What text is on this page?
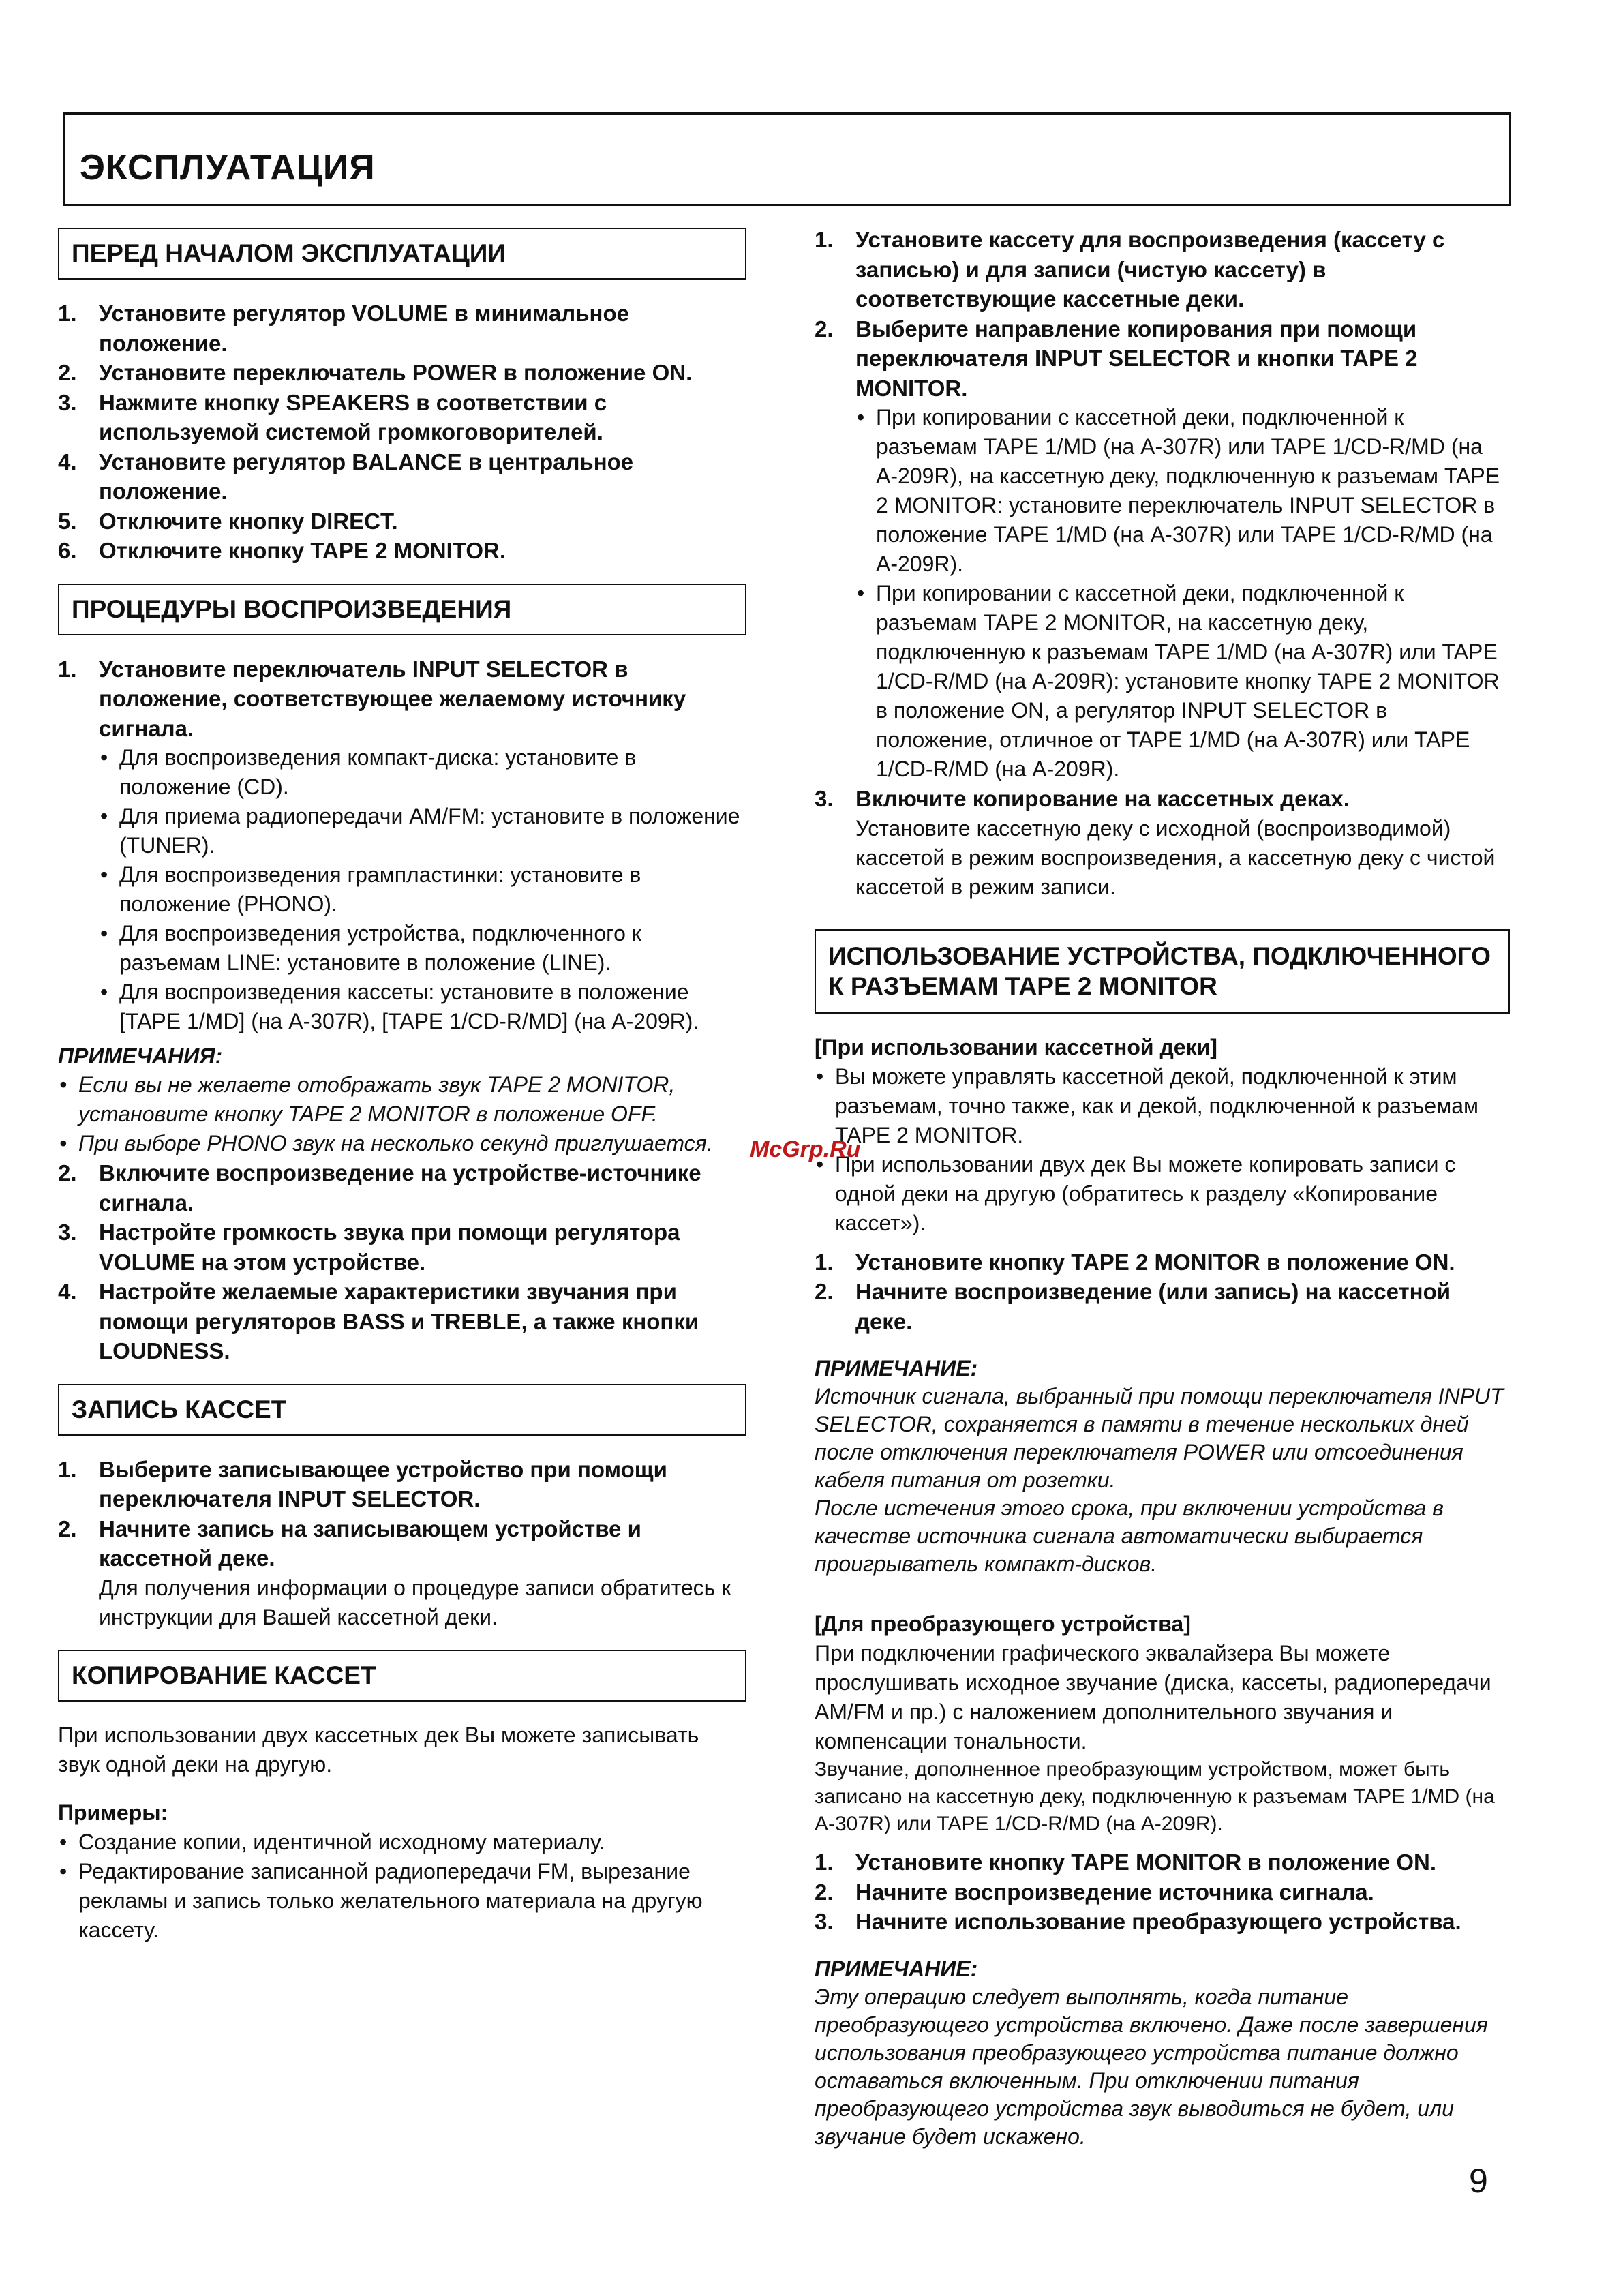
ЭКСПЛУАТАЦИЯ
ПЕРЕД НАЧАЛОМ ЭКСПЛУАТАЦИИ
1. Установите регулятор VOLUME в минимальное положение.
2. Установите переключатель POWER в положение ON.
3. Нажмите кнопку SPEAKERS в соответствии с используемой системой громкоговорителей.
4. Установите регулятор BALANCE в центральное положение.
5. Отключите кнопку DIRECT.
6. Отключите кнопку TAPE 2 MONITOR.
ПРОЦЕДУРЫ ВОСПРОИЗВЕДЕНИЯ
1. Установите переключатель INPUT SELECTOR в положение, соответствующее желаемому источнику сигнала.
• Для воспроизведения компакт-диска: установите в положение (CD).
• Для приема радиопередачи AM/FM: установите в положение (TUNER).
• Для воспроизведения грампластинки: установите в положение (PHONO).
• Для воспроизведения устройства, подключенного к разъемам LINE: установите в положение (LINE).
• Для воспроизведения кассеты: установите в положение [TAPE 1/MD] (на А-307R), [TAPE 1/CD-R/MD] (на А-209R).
ПРИМЕЧАНИЯ:
• Если вы не желаете отображать звук TAPE 2 MONITOR, установите кнопку TAPE 2 MONITOR в положение OFF.
• При выборе PHONO звук на несколько секунд приглушается.
2. Включите воспроизведение на устройстве-источнике сигнала.
3. Настройте громкость звука при помощи регулятора VOLUME на этом устройстве.
4. Настройте желаемые характеристики звучания при помощи регуляторов BASS и TREBLE, а также кнопки LOUDNESS.
ЗАПИСЬ КАССЕТ
1. Выберите записывающее устройство при помощи переключателя INPUT SELECTOR.
2. Начните запись на записывающем устройстве и кассетной деке.

Для получения информации о процедуре записи обратитесь к инструкции для Вашей кассетной деки.

КОПИРОВАНИЕ КАССЕТ

При использовании двух кассетных дек Вы можете записывать звук одной деки на другую.

Примеры:
• Создание копии, идентичной исходному материалу.
• Редактирование записанной радиопередачи FM, вырезание рекламы и запись только желательного материала на другую кассету.
1. Установите кассету для воспроизведения (кассету с записью) и для записи (чистую кассету) в соответствующие кассетные деки.
2. Выберите направление копирования при помощи переключателя INPUT SELECTOR и кнопки TAPE 2 MONITOR.
• При копировании с кассетной деки, подключенной к разъемам TAPE 1/MD (на А-307R) или TAPE 1/CD-R/MD (на А-209R), на кассетную деку, подключенную к разъемам TAPE 2 MONITOR: установите переключатель INPUT SELECTOR в положение TAPE 1/MD (на А-307R) или TAPE 1/CD-R/MD (на А-209R).
• При копировании с кассетной деки, подключенной к разъемам TAPE 2 MONITOR, на кассетную деку, подключенную к разъемам TAPE 1/MD (на А-307R) или TAPE 1/CD-R/MD (на А-209R): установите кнопку TAPE 2 MONITOR в положение ON, а регулятор INPUT SELECTOR в положение, отличное от TAPE 1/MD (на А-307R) или TAPE 1/CD-R/MD (на А-209R).
3. Включите копирование на кассетных деках.

Установите кассетную деку с исходной (воспроизводимой) кассетой в режим воспроизведения, а кассетную деку с чистой кассетой в режим записи.

ИСПОЛЬЗОВАНИЕ УСТРОЙСТВА, ПОДКЛЮЧЕННОГО К РАЗЪЕМАМ TAPE 2 MONITOR
[При использовании кассетной деки]
• Вы можете управлять кассетной декой, подключенной к этим разъемам, точно также, как и декой, подключенной к разъемам TAPE 2 MONITOR.
• При использовании двух дек Вы можете копировать записи с одной деки на другую (обратитесь к разделу «Копирование кассет»).
1. Установите кнопку TAPE 2 MONITOR в положение ON.
2. Начните воспроизведение (или запись) на кассетной деке.
ПРИМЕЧАНИЕ:

Источник сигнала, выбранный при помощи переключателя INPUT SELECTOR, сохраняется в памяти в течение нескольких дней после отключения переключателя POWER или отсоединения кабеля питания от розетки.

После истечения этого срока, при включении устройства в качестве источника сигнала автоматически выбирается проигрыватель компакт-дисков.

[Для преобразующего устройства]

При подключении графического эквалайзера Вы можете прослушивать исходное звучание (диска, кассеты, радиопередачи AM/FM и пр.) с наложением дополнительного звучания и компенсации тональности.

Звучание, дополненное преобразующим устройством, может быть записано на кассетную деку, подключенную к разъемам TAPE 1/MD (на А-307R) или TAPE 1/CD-R/MD (на А-209R).

1. Установите кнопку TAPE MONITOR в положение ON.
2. Начните воспроизведение источника сигнала.
3. Начните использование преобразующего устройства.
ПРИМЕЧАНИЕ:

Эту операцию следует выполнять, когда питание преобразующего устройства включено. Даже после завершения использования преобразующего устройства питание должно оставаться включенным. При отключении питания преобразующего устройства звук выводиться не будет, или звучание будет искажено.

McGrp.Ru
9
